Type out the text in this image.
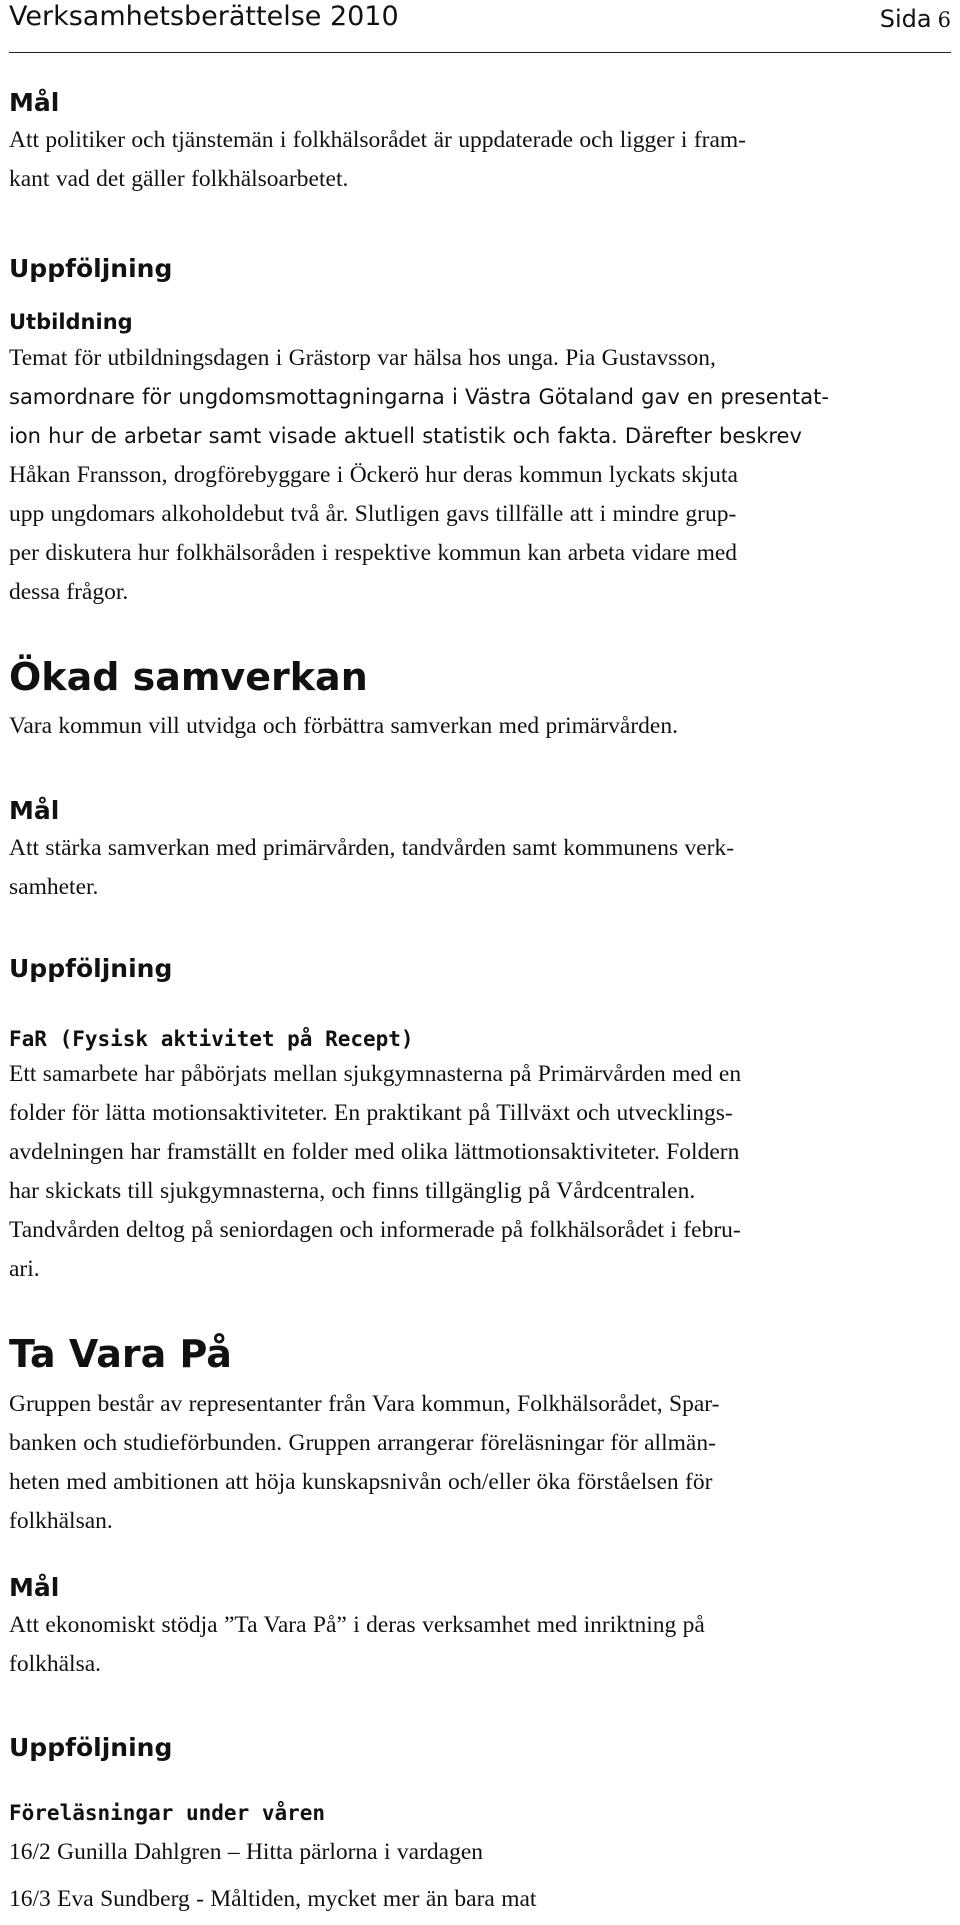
Verksamhetsberättelse 2010	Sida 6
Mål
Att politiker och tjänstemän i folkhälsorådet är uppdaterade och ligger i fram-
kant vad det gäller folkhälsoarbetet.
Uppföljning
Utbildning
Temat för utbildningsdagen i Grästorp var hälsa hos unga. Pia Gustavsson,
samordnare för ungdomsmottagningarna i Västra Götaland gav en presentat-
ion hur de arbetar samt visade aktuell statistik och fakta. Därefter beskrev
Håkan Fransson, drogförebyggare i Öckerö hur deras kommun lyckats skjuta
upp ungdomars alkoholdebut två år. Slutligen gavs tillfälle att i mindre grup-
per diskutera hur folkhälsoråden i respektive kommun kan arbeta vidare med
dessa frågor.
Ökad samverkan
Vara kommun vill utvidga och förbättra samverkan med primärvården.
Mål
Att stärka samverkan med primärvården, tandvården samt kommunens verk-
samheter.
Uppföljning
FaR (Fysisk aktivitet på Recept)
Ett samarbete har påbörjats mellan sjukgymnasterna på Primärvården med en
folder för lätta motionsaktiviteter. En praktikant på Tillväxt och utvecklings-
avdelningen har framställt en folder med olika lättmotionsaktiviteter. Foldern
har skickats till sjukgymnasterna, och finns tillgänglig på Vårdcentralen.
Tandvården deltog på seniordagen och informerade på folkhälsorådet i febru-
ari.
Ta Vara På
Gruppen består av representanter från Vara kommun, Folkhälsorådet, Spar-
banken och studieförbunden. Gruppen arrangerar föreläsningar för allmän-
heten med ambitionen att höja kunskapsnivån och/eller öka förståelsen för
folkhälsan.
Mål
Att ekonomiskt stödja ”Ta Vara På” i deras verksamhet med inriktning på
folkhälsa.
Uppföljning
Föreläsningar under våren
16/2 Gunilla Dahlgren – Hitta pärlorna i vardagen
16/3 Eva Sundberg - Måltiden, mycket mer än bara mat
